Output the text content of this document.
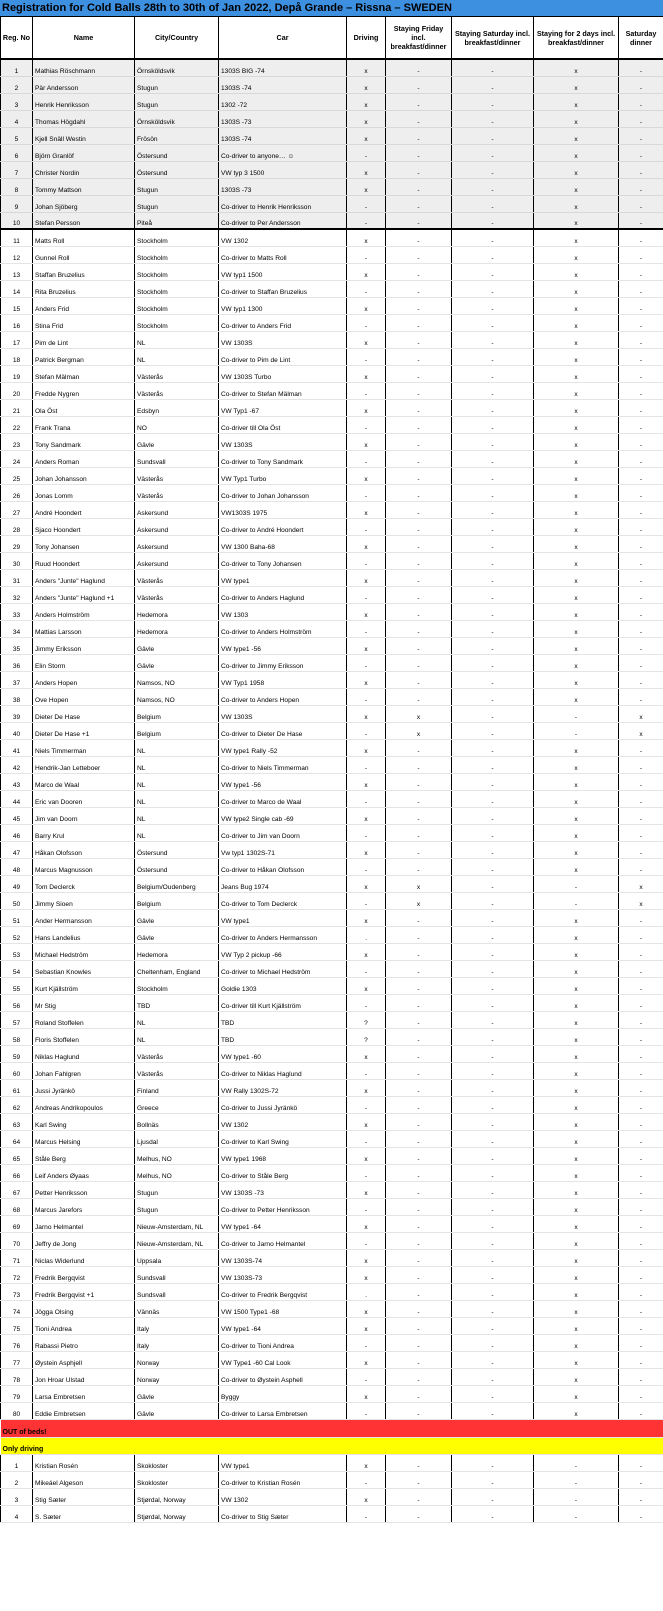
Registration for Cold Balls 28th to 30th of Jan 2022, Depå Grande – Rissna – SWEDEN
Reg. No	Name	City/Country	Car	Driving	Staying Friday incl. breakfast/dinner	Staying Saturday incl. breakfast/dinner	Staying for 2 days incl. breakfast/dinner	Saturday dinner
1	Mathias Röschmann	Örnsköldsvik	1303S BIG -74	x	-	-	x	-
2	Pär Andersson	Stugun	1303S -74	x	-	-	x	-
3	Henrik Henriksson	Stugun	1302 -72	x	-	-	x	-
4	Thomas Högdahl	Örnsköldsvik	1303S -73	x	-	-	x	-
5	Kjell Snäll Westin	Frösön	1303S -74	x	-	-	x	-
6	Björn Granlöf	Östersund	Co-driver to anyone… ☺	-	-	-	x	-
7	Christer Nordin	Östersund	VW typ 3 1500	x	-	-	x	-
8	Tommy Mattson	Stugun	1303S -73	x	-	-	x	-
9	Johan Sjöberg	Stugun	Co-driver to Henrik Henriksson	-	-	-	x	-
10	Stefan Persson	Piteå	Co-driver to Per Andersson	-	-	-	x	-
11	Matts Roll	Stockholm	VW 1302	x	-	-	x	-
12	Gunnel Roll	Stockholm	Co-driver to Matts Roll	-	-	-	x	-
13	Staffan Bruzelius	Stockholm	VW typ1 1500	x	-	-	x	-
14	Rita Bruzelius	Stockholm	Co-driver to Staffan Bruzelius	-	-	-	x	-
15	Anders Frid	Stockholm	VW typ1 1300	x	-	-	x	-
16	Stina Frid	Stockholm	Co-driver to Anders Frid	-	-	-	x	-
17	Pim de Lint	NL	VW 1303S	x	-	-	x	-
18	Patrick Bergman	NL	Co-driver to Pim de Lint	-	-	-	x	-
19	Stefan Mälman	Västerås	VW 1303S Turbo	x	-	-	x	-
20	Fredde Nygren	Västerås	Co-driver to Stefan Mälman	-	-	-	x	-
21	Ola Öst	Edsbyn	VW Typ1 -67	x	-	-	x	-
22	Frank Trana	NO	Co-driver till Ola Öst	-	-	-	x	-
23	Tony Sandmark	Gävle	VW 1303S	x	-	-	x	-
24	Anders Roman	Sundsvall	Co-driver to Tony Sandmark	-	-	-	x	-
25	Johan Johansson	Västerås	VW Typ1 Turbo	x	-	-	x	-
26	Jonas Lomm	Västerås	Co-driver to Johan Johansson	-	-	-	x	-
27	André Hoondert	Askersund	VW1303S 1975	x	-	-	x	-
28	Sjaco Hoondert	Askersund	Co-driver to André Hoondert	-	-	-	x	-
29	Tony Johansen	Askersund	VW 1300 Baha-68	x	-	-	x	-
30	Ruud Hoondert	Askersund	Co-driver to Tony Johansen	-	-	-	x	-
31	Anders "Junte" Haglund	Västerås	VW type1	x	-	-	x	-
32	Anders "Junte" Haglund +1	Västerås	Co-driver to Anders Haglund	-	-	-	x	-
33	Anders Holmström	Hedemora	VW 1303	x	-	-	x	-
34	Mattias Larsson	Hedemora	Co-driver to Anders Holmström	-	-	-	x	-
35	Jimmy Eriksson	Gävle	VW type1 -56	x	-	-	x	-
36	Elin Storm	Gävle	Co-driver to Jimmy Eriksson	-	-	-	x	-
37	Anders Hopen	Namsos, NO	VW Typ1 1958	x	-	-	x	-
38	Ove Hopen	Namsos, NO	Co-driver to Anders Hopen	-	-	-	x	-
39	Dieter De Hase	Belgium	VW 1303S	x	x	-	-	x
40	Dieter De Hase +1	Belgium	Co-driver to Dieter De Hase	-	x	-	-	x
41	Niels Timmerman	NL	VW type1 Rally -52	x	-	-	x	-
42	Hendrik-Jan Letteboer	NL	Co-driver to Niels Timmerman	-	-	-	x	-
43	Marco de Waal	NL	VW type1 -56	x	-	-	x	-
44	Eric van Dooren	NL	Co-driver to Marco de Waal	-	-	-	x	-
45	Jim van Doorn	NL	VW type2 Single cab -69	x	-	-	x	-
46	Barry Krul	NL	Co-driver to Jim van Doorn	-	-	-	x	-
47	Håkan Olofsson	Östersund	Vw typ1 1302S-71	x	-	-	x	-
48	Marcus Magnusson	Östersund	Co-driver to Håkan Olofsson	-	-	-	x	-
49	Tom Declerck	Belgium/Oudenberg	Jeans Bug 1974	x	x	-	-	x
50	Jimmy Sioen	Belgium	Co-driver to Tom Declerck	-	x	-	-	x
51	Ander Hermansson	Gävle	VW type1	x	-	-	x	-
52	Hans Landelius	Gävle	Co-driver to Anders Hermansson	.	-	-	x	-
53	Michael Hedström	Hedemora	VW Typ 2 pickup -66	x	-	-	x	-
54	Sebastian Knowles	Cheltenham, England	Co-driver to Michael Hedström	-	-	-	x	-
55	Kurt Kjällström	Stockholm	Goldie 1303	x	-	-	x	-
56	Mr Stig	TBD	Co-driver till Kurt Kjällström	-	-	-	x	-
57	Roland Stoffelen	NL	TBD	?	-	-	x	-
58	Floris Stoffelen	NL	TBD	?	-	-	x	-
59	Niklas Haglund	Västerås	VW type1 -60	x	-	-	x	-
60	Johan Fahlgren	Västerås	Co-driver to Niklas Haglund	-	-	-	x	-
61	Jussi Jyränkö	Finland	VW Rally 1302S-72	x	-	-	x	-
62	Andreas Andrikopoulos	Greece	Co-driver to Jussi Jyränkö	-	-	-	x	-
63	Karl Swing	Bollnäs	VW 1302	x	-	-	x	-
64	Marcus Helsing	Ljusdal	Co-driver to Karl Swing	-	-	-	x	-
65	Ståle Berg	Melhus, NO	VW type1 1968	x	-	-	x	-
66	Leif Anders Øyaas	Melhus, NO	Co-driver to Ståle Berg	-	-	-	x	-
67	Petter Henriksson	Stugun	VW 1303S -73	x	-	-	x	-
68	Marcus Jarefors	Stugun	Co-driver to Petter Henriksson	-	-	-	x	-
69	Jarno Helmantel	Nieuw-Amsterdam, NL	VW type1 -64	x	-	-	x	-
70	Jeffry de Jong	Nieuw-Amsterdam, NL	Co-driver to Jarno Helmantel	-	-	-	x	-
71	Niclas Widerlund	Uppsala	VW 1303S-74	x	-	-	x	-
72	Fredrik Bergqvist	Sundsvall	VW 1303S-73	x	-	-	x	-
73	Fredrik Bergqvist +1	Sundsvall	Co-driver to Fredrik Bergqvist	.	-	-	x	-
74	Jögga Olsing	Vännäs	VW 1500 Type1 -68	x	-	-	x	-
75	Tioni Andrea	Italy	VW type1 -64	x	-	-	x	-
76	Rabassi Pietro	Italy	Co-driver to Tioni Andrea	-	-	-	x	-
77	Øystein Asphjell	Norway	VW Type1 -60 Cal Look	x	-	-	x	-
78	Jon Hroar Ulstad	Norway	Co-driver to Øystein Asphell	-	-	-	x	-
79	Larsa Embretsen	Gävle	Byggy	x	-	-	x	-
80	Eddie Embretsen	Gävle	Co-driver to Larsa Embretsen	-	-	-	x	-
OUT of beds!								
Only driving								
1	Kristian Rosén	Skokloster	VW type1	x	-	-	-	-
2	Mikeáel Algeson	Skokloster	Co-driver to Kristian Rosén	-	-	-	-	-
3	Stig Sæter	Stjørdal, Norway	VW 1302	x	-	-	-	-
4	S. Sæter	Stjørdal, Norway	Co-driver to Stig Sæter	-	-	-	-	-
